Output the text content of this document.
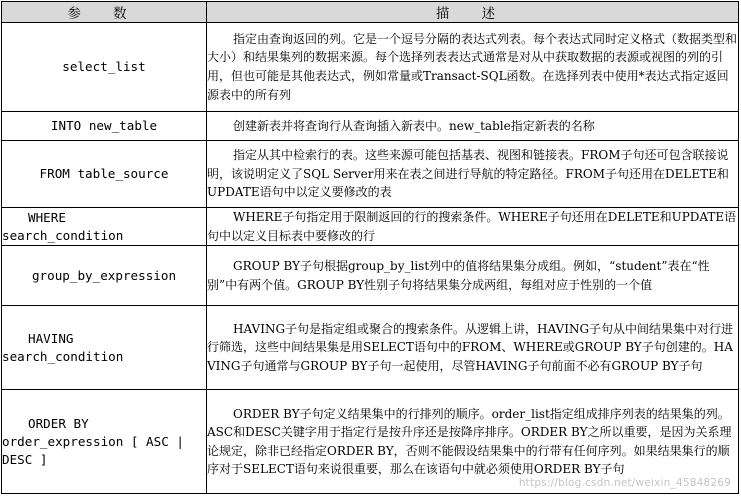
参 数	描 述

select_list	指定由查询返回的列。它是一个逗号分隔的表达式列表。每个表达式同时定义格式（数据类型和大小）和结果集列的数据来源。每个选择列表表达式通常是对从中获取数据的表源或视图的列的引用，但也可能是其他表达式，例如常量或Transact-SQL函数。在选择列表中使用*表达式指定返回源表中的所有列

INTO new_table	创建新表并将查询行从查询插入新表中。new_table指定新表的名称

FROM table_source	指定从其中检索行的表。这些来源可能包括基表、视图和链接表。FROM子句还可包含联接说明，该说明定义了SQL Server用来在表之间进行导航的特定路径。FROM子句还用在DELETE和UPDATE语句中以定义要修改的表

WHERE
search_condition	WHERE子句指定用于限制返回的行的搜索条件。WHERE子句还用在DELETE和UPDATE语句中以定义目标表中要修改的行

group_by_expression	GROUP BY子句根据group_by_list列中的值将结果集分成组。例如，“student”表在“性别”中有两个值。GROUP BY性别子句将结果集分成两组，每组对应于性别的一个值

HAVING
search_condition	HAVING子句是指定组或聚合的搜索条件。从逻辑上讲，HAVING子句从中间结果集中对行进行筛选，这些中间结果集是用SELECT语句中的FROM、WHERE或GROUP BY子句创建的。HAVING子句通常与GROUP BY子句一起使用，尽管HAVING子句前面不必有GROUP BY子句

ORDER BY
order_expression [ ASC |
DESC ]	ORDER BY子句定义结果集中的行排列的顺序。order_list指定组成排序列表的结果集的列。ASC和DESC关键字用于指定行是按升序还是按降序排序。ORDER BY之所以重要，是因为关系理论规定，除非已经指定ORDER BY，否则不能假设结果集中的行带有任何序列。如果结果集行的顺序对于SELECT语句来说很重要，那么在该语句中就必须使用ORDER BY子句
https://blog.csdn.net/weixin_45848269
